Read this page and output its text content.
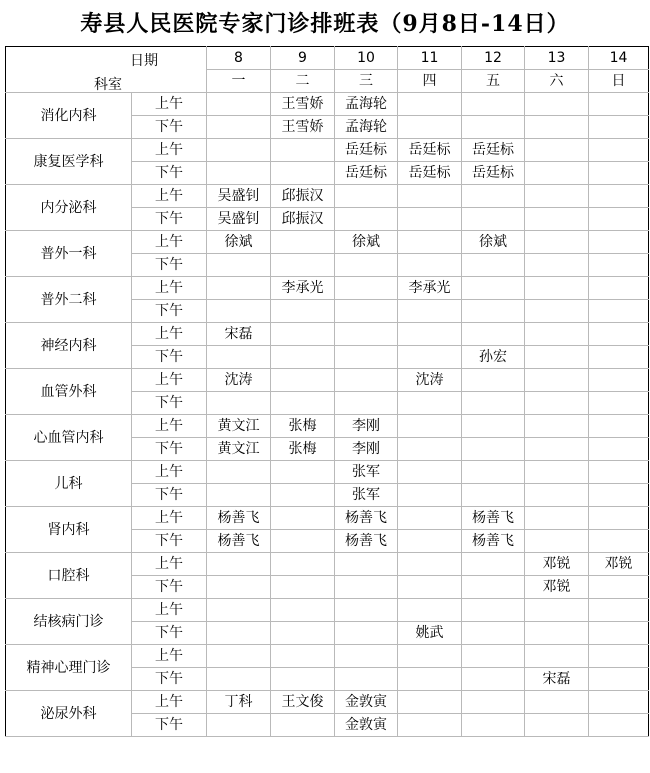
寿县人民医院专家门诊排班表（9月8日-14日）
日期
科室		8	9	10	11	12	13	14
		一	二	三	四	五	六	日
消化内科	上午		王雪娇	孟海轮				
	下午		王雪娇	孟海轮				
康复医学科	上午			岳廷标	岳廷标	岳廷标		
	下午			岳廷标	岳廷标	岳廷标		
内分泌科	上午	吴盛钊	邱振汉					
	下午	吴盛钊	邱振汉					
普外一科	上午	徐斌		徐斌		徐斌		
	下午							
普外二科	上午		李承光		李承光			
	下午							
神经内科	上午	宋磊						
	下午					孙宏		
血管外科	上午	沈涛			沈涛			
	下午							
心血管内科	上午	黄文江	张梅	李刚				
	下午	黄文江	张梅	李刚				
儿科	上午			张军				
	下午			张军				
肾内科	上午	杨善飞		杨善飞		杨善飞		
	下午	杨善飞		杨善飞		杨善飞		
口腔科	上午						邓锐	邓锐
	下午						邓锐	
结核病门诊	上午							
	下午				姚武			
精神心理门诊	上午							
	下午						宋磊	
泌尿外科	上午	丁科	王文俊	金敦寅				
	下午			金敦寅				
